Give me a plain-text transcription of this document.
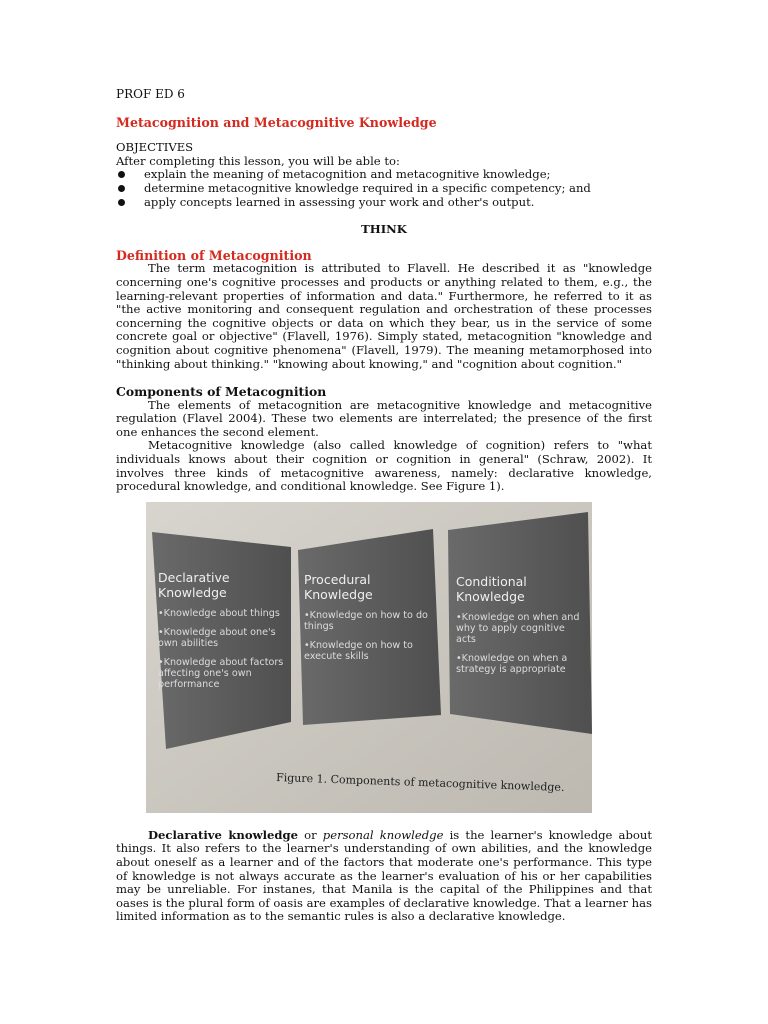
PROF ED 6
Metacognition and Metacognitive Knowledge
OBJECTIVES
After completing this lesson, you will be able to:
explain the meaning of metacognition and metacognitive knowledge;
determine metacognitive knowledge required in a specific competency; and
apply concepts learned in assessing your work and other's output.
THINK
Definition of Metacognition

The term metacognition is attributed to Flavell. He described it as "knowledge concerning one's cognitive processes and products or anything related to them, e.g., the learning-relevant properties of information and data." Furthermore, he referred to it as "the active monitoring and consequent regulation and orchestration of these processes concerning the cognitive objects or data on which they bear, us in the service of some concrete goal or objective" (Flavell, 1976). Simply stated, metacognition "knowledge and cognition about cognitive phenomena" (Flavell, 1979). The meaning metamorphosed into "thinking about thinking." "knowing about knowing," and "cognition about cognition."

Components of Metacognition

The elements of metacognition are metacognitive knowledge and metacognitive regulation (Flavel 2004). These two elements are interrelated; the presence of the first one enhances the second element.

Metacognitive knowledge (also called knowledge of cognition) refers to "what individuals knows about their cognition or cognition in general" (Schraw, 2002). It involves three kinds of metacognitive awareness, namely: declarative knowledge, procedural knowledge, and conditional knowledge. See Figure 1).

Declarative
Knowledge
•Knowledge about things
•Knowledge about one's own abilities
•Knowledge about factors affecting one's own performance
Procedural
Knowledge
•Knowledge on how to do things
•Knowledge on how to execute skills
Conditional
Knowledge
•Knowledge on when and why to apply cognitive acts
•Knowledge on when a strategy is appropriate
Figure 1. Components of metacognitive knowledge.

Declarative knowledge or personal knowledge is the learner's knowledge about things. It also refers to the learner's understanding of own abilities, and the knowledge about oneself as a learner and of the factors that moderate one's performance. This type of knowledge is not always accurate as the learner's evaluation of his or her capabilities may be unreliable. For instanes, that Manila is the capital of the Philippines and that oases is the plural form of oasis are examples of declarative knowledge. That a learner has limited information as to the semantic rules is also a declarative knowledge.
